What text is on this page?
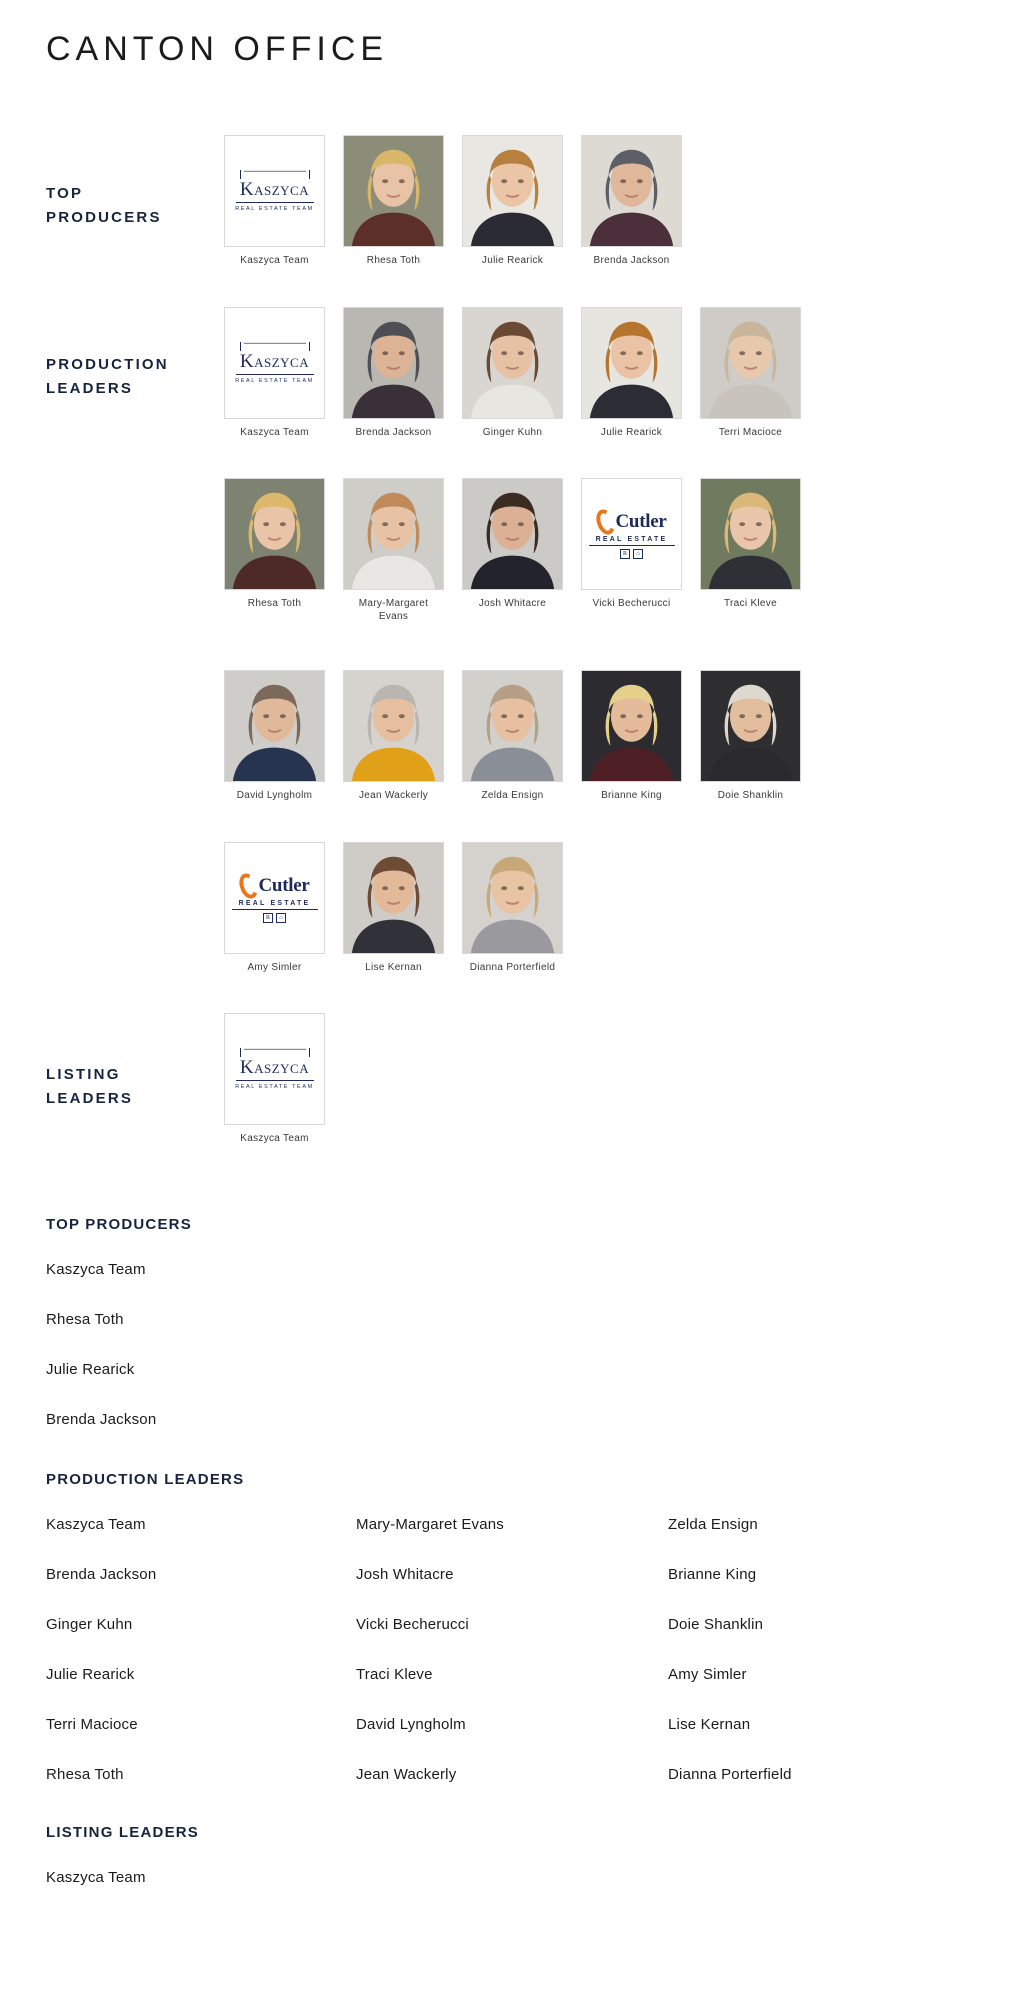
CANTON OFFICE
TOP
PRODUCERS
PRODUCTION
LEADERS
LISTING
LEADERS
Kaszyca
REAL ESTATE TEAM
Kaszyca Team	Rhesa Toth	Julie Rearick	Brenda Jackson
Kaszyca
REAL ESTATE TEAM
Kaszyca Team	Brenda Jackson	Ginger Kuhn	Julie Rearick	Terri Macioce
Rhesa Toth	Mary-Margaret Evans
Josh Whitacre
Cutler
REAL ESTATE
R	⌂
Vicki Becherucci	Traci Kleve
David Lyngholm	Jean Wackerly	Zelda Ensign	Brianne King	Doie Shanklin
Cutler
REAL ESTATE
R	⌂
Amy Simler	Lise Kernan	Dianna Porterfield
Kaszyca
REAL ESTATE TEAM
Kaszyca Team
TOP PRODUCERS
Kaszyca Team
Rhesa Toth
Julie Rearick
Brenda Jackson
PRODUCTION LEADERS
Kaszyca Team
Brenda Jackson
Ginger Kuhn
Julie Rearick
Terri Macioce
Rhesa Toth
Mary-Margaret Evans
Josh Whitacre
Vicki Becherucci
Traci Kleve
David Lyngholm
Jean Wackerly
Zelda Ensign
Brianne King
Doie Shanklin
Amy Simler
Lise Kernan
Dianna Porterfield
LISTING LEADERS
Kaszyca Team
